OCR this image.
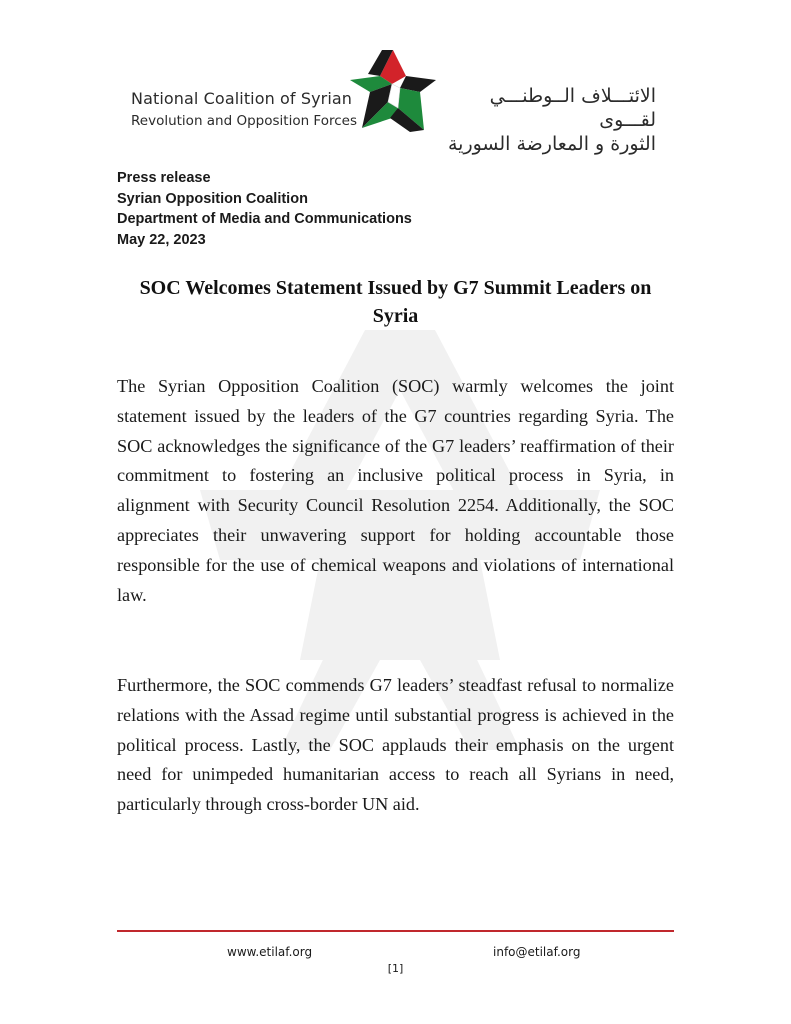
National Coalition of Syrian
Revolution and Opposition Forces
الائتـــلاف الــوطنـــي لقـــوى
الثورة و المعارضة السورية
Press release
Syrian Opposition Coalition
Department of Media and Communications
May 22, 2023
SOC Welcomes Statement Issued by G7 Summit Leaders on Syria

The Syrian Opposition Coalition (SOC) warmly welcomes the joint statement issued by the leaders of the G7 countries regarding Syria. The SOC acknowledges the significance of the G7 leaders’ reaffirmation of their commitment to fostering an inclusive political process in Syria, in alignment with Security Council Resolution 2254. Additionally, the SOC appreciates their unwavering support for holding accountable those responsible for the use of chemical weapons and violations of international law.

Furthermore, the SOC commends G7 leaders’ steadfast refusal to normalize relations with the Assad regime until substantial progress is achieved in the political process. Lastly, the SOC applauds their emphasis on the urgent need for unimpeded humanitarian access to reach all Syrians in need, particularly through cross-border UN aid.

www.etilaf.org	info@etilaf.org
[1]
